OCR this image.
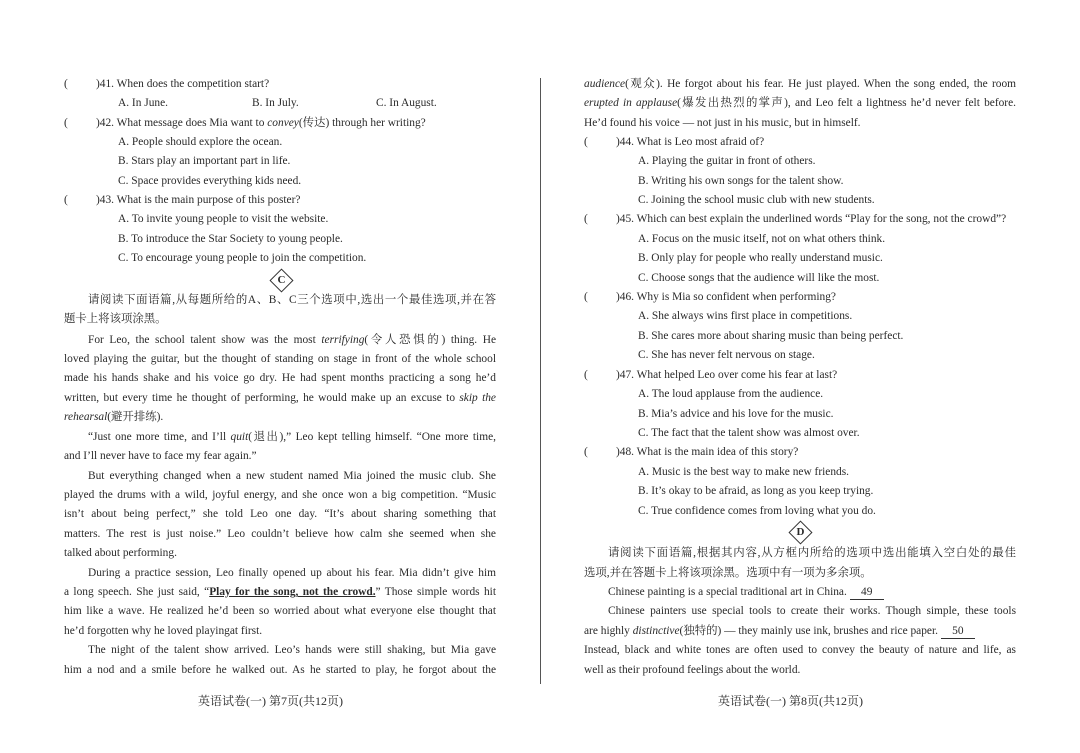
( )41. When does the competition start?
A. In June.	B. In July.	C. In August.
( )42. What message does Mia want to convey(传达) through her writing?
A. People should explore the ocean.
B. Stars play an important part in life.
C. Space provides everything kids need.
( )43. What is the main purpose of this poster?
A. To invite young people to visit the website.
B. To introduce the Star Society to young people.
C. To encourage young people to join the competition.
C
请阅读下面语篇,从每题所给的A、B、C三个选项中,选出一个最佳选项,并在答
题卡上将该项涂黑。
For Leo, the school talent show was the most terrifying(令人恐惧的) thing. He
loved playing the guitar, but the thought of standing on stage in front of the whole school
made his hands shake and his voice go dry. He had spent months practicing a song he’d
written, but every time he thought of performing, he would make up an excuse to skip the
rehearsal(避开排练).
“Just one more time, and I’ll quit(退出),” Leo kept telling himself. “One more time,
and I’ll never have to face my fear again.”
But everything changed when a new student named Mia joined the music club. She
played the drums with a wild, joyful energy, and she once won a big competition. “Music
isn’t about being perfect,” she told Leo one day. “It’s about sharing something that
matters. The rest is just noise.” Leo couldn’t believe how calm she seemed when she
talked about performing.
During a practice session, Leo finally opened up about his fear. Mia didn’t give him
a long speech. She just said, “Play for the song, not the crowd.” Those simple words hit
him like a wave. He realized he’d been so worried about what everyone else thought that
he’d forgotten why he loved playingat first.
The night of the talent show arrived. Leo’s hands were still shaking, but Mia gave
him a nod and a smile before he walked out. As he started to play, he forgot about the
英语试卷(一) 第7页(共12页)
audience(观众). He forgot about his fear. He just played. When the song ended, the room
erupted in applause(爆发出热烈的掌声), and Leo felt a lightness he’d never felt before.
He’d found his voice — not just in his music, but in himself.
( )44. What is Leo most afraid of?
A. Playing the guitar in front of others.
B. Writing his own songs for the talent show.
C. Joining the school music club with new students.
( )45. Which can best explain the underlined words “Play for the song, not the crowd”?
A. Focus on the music itself, not on what others think.
B. Only play for people who really understand music.
C. Choose songs that the audience will like the most.
( )46. Why is Mia so confident when performing?
A. She always wins first place in competitions.
B. She cares more about sharing music than being perfect.
C. She has never felt nervous on stage.
( )47. What helped Leo over come his fear at last?
A. The loud applause from the audience.
B. Mia’s advice and his love for the music.
C. The fact that the talent show was almost over.
( )48. What is the main idea of this story?
A. Music is the best way to make new friends.
B. It’s okay to be afraid, as long as you keep trying.
C. True confidence comes from loving what you do.
D
请阅读下面语篇,根据其内容,从方框内所给的选项中选出能填入空白处的最佳
选项,并在答题卡上将该项涂黑。选项中有一项为多余项。
Chinese painting is a special traditional art in China. 49
Chinese painters use special tools to create their works. Though simple, these tools
are highly distinctive(独特的) — they mainly use ink, brushes and rice paper. 50
Instead, black and white tones are often used to convey the beauty of nature and life, as
well as their profound feelings about the world.
英语试卷(一) 第8页(共12页)
